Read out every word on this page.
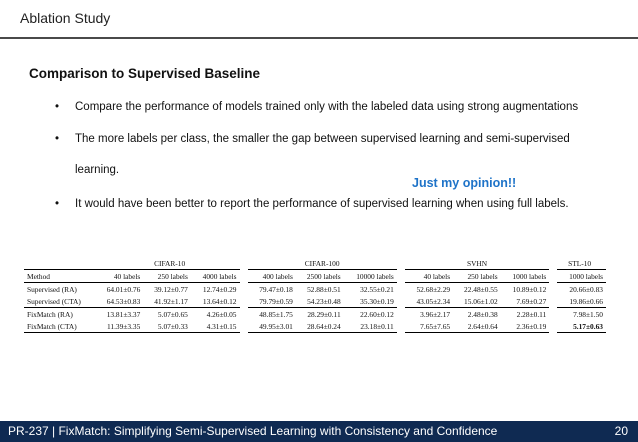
Ablation Study
Comparison to Supervised Baseline
• Compare the performance of models trained only with the labeled data using strong augmentations
• The more labels per class, the smaller the gap between supervised learning and semi-supervised
learning.
Just my opinion!!
• It would have been better to report the performance of supervised learning when using full labels.
	CIFAR-10			CIFAR-100			SVHN			STL-10
Method	40 labels	250 labels	4000 labels	400 labels	2500 labels	10000 labels	40 labels	250 labels	1000 labels	1000 labels
Supervised (RA)	64.01±0.76	39.12±0.77	12.74±0.29	79.47±0.18	52.88±0.51	32.55±0.21	52.68±2.29	22.48±0.55	10.89±0.12	20.66±0.83
Supervised (CTA)	64.53±0.83	41.92±1.17	13.64±0.12	79.79±0.59	54.23±0.48	35.30±0.19	43.05±2.34	15.06±1.02	7.69±0.27	19.86±0.66
FixMatch (RA)	13.81±3.37	5.07±0.65	4.26±0.05	48.85±1.75	28.29±0.11	22.60±0.12	3.96±2.17	2.48±0.38	2.28±0.11	7.98±1.50
FixMatch (CTA)	11.39±3.35	5.07±0.33	4.31±0.15	49.95±3.01	28.64±0.24	23.18±0.11	7.65±7.65	2.64±0.64	2.36±0.19	5.17±0.63
PR-237 | FixMatch: Simplifying Semi-Supervised Learning with Consistency and Confidence	20
